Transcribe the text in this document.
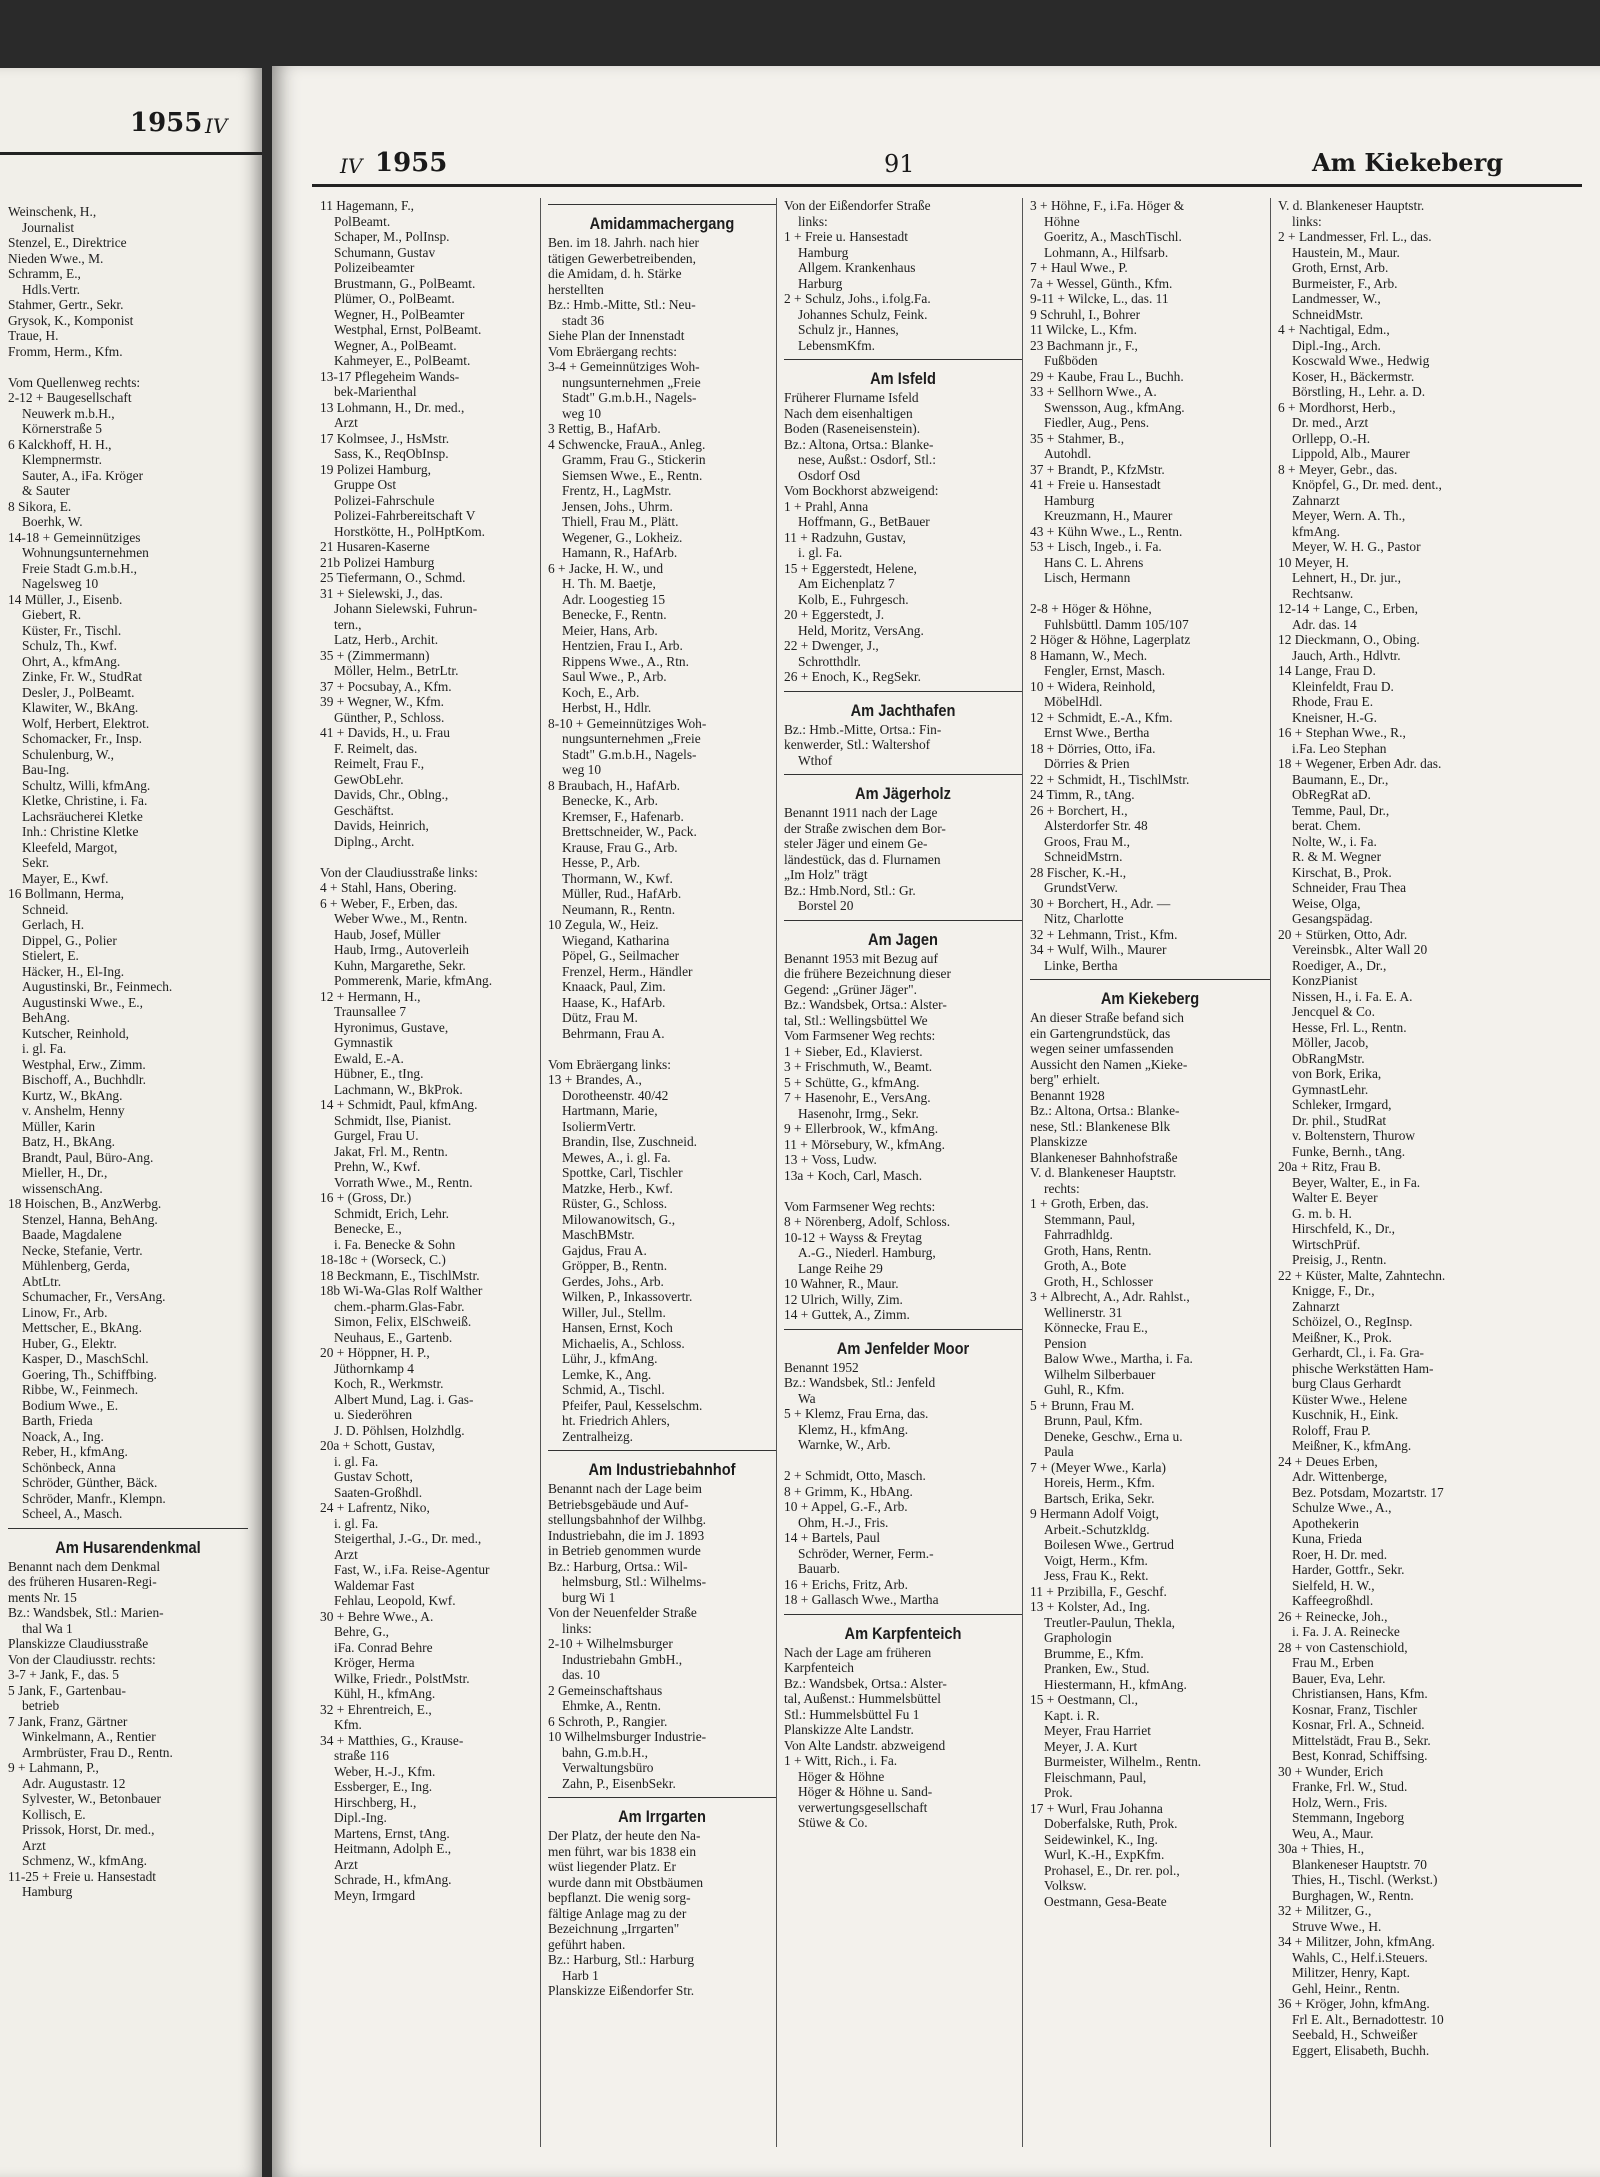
1955 IV
Weinschenk, H.,
Journalist
Stenzel, E., Direktrice
Nieden Wwe., M.
Schramm, E.,
Hdls.Vertr.
Stahmer, Gertr., Sekr.
Grysok, K., Komponist
Traue, H.
Fromm, Herm., Kfm.

Vom Quellenweg rechts:
2-12 + Baugesellschaft
Neuwerk m.b.H.,
Körnerstraße 5
6 Kalckhoff, H. H.,
Klempnermstr.
Sauter, A., iFa. Kröger
& Sauter
8 Sikora, E.
Boerhk, W.
14-18 + Gemeinnütziges
Wohnungsunternehmen
Freie Stadt G.m.b.H.,
Nagelsweg 10
14 Müller, J., Eisenb.
Giebert, R.
Küster, Fr., Tischl.
Schulz, Th., Kwf.
Ohrt, A., kfmAng.
Zinke, Fr. W., StudRat
Desler, J., PolBeamt.
Klawiter, W., BkAng.
Wolf, Herbert, Elektrot.
Schomacker, Fr., Insp.
Schulenburg, W.,
Bau-Ing.
Schultz, Willi, kfmAng.
Kletke, Christine, i. Fa.
Lachsräucherei Kletke
Inh.: Christine Kletke
Kleefeld, Margot,
Sekr.
Mayer, E., Kwf.
16 Bollmann, Herma,
Schneid.
Gerlach, H.
Dippel, G., Polier
Stielert, E.
Häcker, H., El-Ing.
Augustinski, Br., Feinmech.
Augustinski Wwe., E.,
BehAng.
Kutscher, Reinhold,
i. gl. Fa.
Westphal, Erw., Zimm.
Bischoff, A., Buchhdlr.
Kurtz, W., BkAng.
v. Anshelm, Henny
Müller, Karin
Batz, H., BkAng.
Brandt, Paul, Büro-Ang.
Mieller, H., Dr.,
wissenschAng.
18 Hoischen, B., AnzWerbg.
Stenzel, Hanna, BehAng.
Baade, Magdalene
Necke, Stefanie, Vertr.
Mühlenberg, Gerda,
AbtLtr.
Schumacher, Fr., VersAng.
Linow, Fr., Arb.
Mettscher, E., BkAng.
Huber, G., Elektr.
Kasper, D., MaschSchl.
Goering, Th., Schiffbing.
Ribbe, W., Feinmech.
Bodium Wwe., E.
Barth, Frieda
Noack, A., Ing.
Reber, H., kfmAng.
Schönbeck, Anna
Schröder, Günther, Bäck.
Schröder, Manfr., Klempn.
Scheel, A., Masch.
Am Husarendenkmal
Benannt nach dem Denkmal
des früheren Husaren-Regi-
ments Nr. 15
Bz.: Wandsbek, Stl.: Marien-
thal Wa 1
Planskizze Claudiusstraße
Von der Claudiusstr. rechts:
3-7 + Jank, F., das. 5
5 Jank, F., Gartenbau-
betrieb
7 Jank, Franz, Gärtner
Winkelmann, A., Rentier
Armbrüster, Frau D., Rentn.
9 + Lahmann, P.,
Adr. Augustastr. 12
Sylvester, W., Betonbauer
Kollisch, E.
Prissok, Horst, Dr. med.,
Arzt
Schmenz, W., kfmAng.
11-25 + Freie u. Hansestadt
Hamburg
IV 1955	91	Am Kiekeberg
11 Hagemann, F.,
PolBeamt.
Schaper, M., PolInsp.
Schumann, Gustav
Polizeibeamter
Brustmann, G., PolBeamt.
Plümer, O., PolBeamt.
Wegner, H., PolBeamter
Westphal, Ernst, PolBeamt.
Wegner, A., PolBeamt.
Kahmeyer, E., PolBeamt.
13-17 Pflegeheim Wands-
bek-Marienthal
13 Lohmann, H., Dr. med.,
Arzt
17 Kolmsee, J., HsMstr.
Sass, K., ReqObInsp.
19 Polizei Hamburg,
Gruppe Ost
Polizei-Fahrschule
Polizei-Fahrbereitschaft V
Horstkötte, H., PolHptKom.
21 Husaren-Kaserne
21b Polizei Hamburg
25 Tiefermann, O., Schmd.
31 + Sielewski, J., das.
Johann Sielewski, Fuhrun-
tern.,
Latz, Herb., Archit.
35 + (Zimmermann)
Möller, Helm., BetrLtr.
37 + Pocsubay, A., Kfm.
39 + Wegner, W., Kfm.
Günther, P., Schloss.
41 + Davids, H., u. Frau
F. Reimelt, das.
Reimelt, Frau F.,
GewObLehr.
Davids, Chr., Oblng.,
Geschäftst.
Davids, Heinrich,
Diplng., Archt.

Von der Claudiusstraße links:
4 + Stahl, Hans, Obering.
6 + Weber, F., Erben, das.
Weber Wwe., M., Rentn.
Haub, Josef, Müller
Haub, Irmg., Autoverleih
Kuhn, Margarethe, Sekr.
Pommerenk, Marie, kfmAng.
12 + Hermann, H.,
Traunsallee 7
Hyronimus, Gustave,
Gymnastik
Ewald, E.-A.
Hübner, E., tIng.
Lachmann, W., BkProk.
14 + Schmidt, Paul, kfmAng.
Schmidt, Ilse, Pianist.
Gurgel, Frau U.
Jakat, Frl. M., Rentn.
Prehn, W., Kwf.
Vorrath Wwe., M., Rentn.
16 + (Gross, Dr.)
Schmidt, Erich, Lehr.
Benecke, E.,
i. Fa. Benecke & Sohn
18-18c + (Worseck, C.)
18 Beckmann, E., TischlMstr.
18b Wi-Wa-Glas Rolf Walther
chem.-pharm.Glas-Fabr.
Simon, Felix, ElSchweiß.
Neuhaus, E., Gartenb.
20 + Höppner, H. P.,
Jüthornkamp 4
Koch, R., Werkmstr.
Albert Mund, Lag. i. Gas-
u. Siederöhren
J. D. Pöhlsen, Holzhdlg.
20a + Schott, Gustav,
i. gl. Fa.
Gustav Schott,
Saaten-Großhdl.
24 + Lafrentz, Niko,
i. gl. Fa.
Steigerthal, J.-G., Dr. med.,
Arzt
Fast, W., i.Fa. Reise-Agentur
Waldemar Fast
Fehlau, Leopold, Kwf.
30 + Behre Wwe., A.
Behre, G.,
iFa. Conrad Behre
Kröger, Herma
Wilke, Friedr., PolstMstr.
Kühl, H., kfmAng.
32 + Ehrentreich, E.,
Kfm.
34 + Matthies, G., Krause-
straße 116
Weber, H.-J., Kfm.
Essberger, E., Ing.
Hirschberg, H.,
Dipl.-Ing.
Martens, Ernst, tAng.
Heitmann, Adolph E.,
Arzt
Schrade, H., kfmAng.
Meyn, Irmgard
Amidammachergang
Ben. im 18. Jahrh. nach hier
tätigen Gewerbetreibenden,
die Amidam, d. h. Stärke
herstellten
Bz.: Hmb.-Mitte, Stl.: Neu-
stadt 36
Siehe Plan der Innenstadt
Vom Ebräergang rechts:
3-4 + Gemeinnütziges Woh-
nungsunternehmen „Freie
Stadt" G.m.b.H., Nagels-
weg 10
3 Rettig, B., HafArb.
4 Schwencke, FrauA., Anleg.
Gramm, Frau G., Stickerin
Siemsen Wwe., E., Rentn.
Frentz, H., LagMstr.
Jensen, Johs., Uhrm.
Thiell, Frau M., Plätt.
Wegener, G., Lokheiz.
Hamann, R., HafArb.
6 + Jacke, H. W., und
H. Th. M. Baetje,
Adr. Loogestieg 15
Benecke, F., Rentn.
Meier, Hans, Arb.
Hentzien, Frau I., Arb.
Rippens Wwe., A., Rtn.
Saul Wwe., P., Arb.
Koch, E., Arb.
Herbst, H., Hdlr.
8-10 + Gemeinnütziges Woh-
nungsunternehmen „Freie
Stadt" G.m.b.H., Nagels-
weg 10
8 Braubach, H., HafArb.
Benecke, K., Arb.
Kremser, F., Hafenarb.
Brettschneider, W., Pack.
Krause, Frau G., Arb.
Hesse, P., Arb.
Thormann, W., Kwf.
Müller, Rud., HafArb.
Neumann, R., Rentn.
10 Zegula, W., Heiz.
Wiegand, Katharina
Pöpel, G., Seilmacher
Frenzel, Herm., Händler
Knaack, Paul, Zim.
Haase, K., HafArb.
Dütz, Frau M.
Behrmann, Frau A.

Vom Ebräergang links:
13 + Brandes, A.,
Dorotheenstr. 40/42
Hartmann, Marie,
IsoliermVertr.
Brandin, Ilse, Zuschneid.
Mewes, A., i. gl. Fa.
Spottke, Carl, Tischler
Matzke, Herb., Kwf.
Rüster, G., Schloss.
Milowanowitsch, G.,
MaschBMstr.
Gajdus, Frau A.
Gröpper, B., Rentn.
Gerdes, Johs., Arb.
Wilken, P., Inkassovertr.
Willer, Jul., Stellm.
Hansen, Ernst, Koch
Michaelis, A., Schloss.
Lühr, J., kfmAng.
Lemke, K., Ang.
Schmid, A., Tischl.
Pfeifer, Paul, Kesselschm.
ht. Friedrich Ahlers,
Zentralheizg.
Am Industriebahnhof
Benannt nach der Lage beim
Betriebsgebäude und Auf-
stellungsbahnhof der Wilhbg.
Industriebahn, die im J. 1893
in Betrieb genommen wurde
Bz.: Harburg, Ortsa.: Wil-
helmsburg, Stl.: Wilhelms-
burg Wi 1
Von der Neuenfelder Straße
links:
2-10 + Wilhelmsburger
Industriebahn GmbH.,
das. 10
2 Gemeinschaftshaus
Ehmke, A., Rentn.
6 Schroth, P., Rangier.
10 Wilhelmsburger Industrie-
bahn, G.m.b.H.,
Verwaltungsbüro
Zahn, P., EisenbSekr.
Am Irrgarten
Der Platz, der heute den Na-
men führt, war bis 1838 ein
wüst liegender Platz. Er
wurde dann mit Obstbäumen
bepflanzt. Die wenig sorg-
fältige Anlage mag zu der
Bezeichnung „Irrgarten"
geführt haben.
Bz.: Harburg, Stl.: Harburg
Harb 1
Planskizze Eißendorfer Str.
Von der Eißendorfer Straße
links:
1 + Freie u. Hansestadt
Hamburg
Allgem. Krankenhaus
Harburg
2 + Schulz, Johs., i.folg.Fa.
Johannes Schulz, Feink.
Schulz jr., Hannes,
LebensmKfm.
Am Isfeld
Früherer Flurname Isfeld
Nach dem eisenhaltigen
Boden (Raseneisenstein).
Bz.: Altona, Ortsa.: Blanke-
nese, Außst.: Osdorf, Stl.:
Osdorf Osd
Vom Bockhorst abzweigend:
1 + Prahl, Anna
Hoffmann, G., BetBauer
11 + Radzuhn, Gustav,
i. gl. Fa.
15 + Eggerstedt, Helene,
Am Eichenplatz 7
Kolb, E., Fuhrgesch.
20 + Eggerstedt, J.
Held, Moritz, VersAng.
22 + Dwenger, J.,
Schrotthdlr.
26 + Enoch, K., RegSekr.
Am Jachthafen
Bz.: Hmb.-Mitte, Ortsa.: Fin-
kenwerder, Stl.: Waltershof
Wthof
Am Jägerholz
Benannt 1911 nach der Lage
der Straße zwischen dem Bor-
steler Jäger und einem Ge-
ländestück, das d. Flurnamen
„Im Holz" trägt
Bz.: Hmb.Nord, Stl.: Gr.
Borstel 20
Am Jagen
Benannt 1953 mit Bezug auf
die frühere Bezeichnung dieser
Gegend: „Grüner Jäger".
Bz.: Wandsbek, Ortsa.: Alster-
tal, Stl.: Wellingsbüttel We
Vom Farmsener Weg rechts:
1 + Sieber, Ed., Klavierst.
3 + Frischmuth, W., Beamt.
5 + Schütte, G., kfmAng.
7 + Hasenohr, E., VersAng.
Hasenohr, Irmg., Sekr.
9 + Ellerbrook, W., kfmAng.
11 + Mörsebury, W., kfmAng.
13 + Voss, Ludw.
13a + Koch, Carl, Masch.

Vom Farmsener Weg rechts:
8 + Nörenberg, Adolf, Schloss.
10-12 + Wayss & Freytag
A.-G., Niederl. Hamburg,
Lange Reihe 29
10 Wahner, R., Maur.
12 Ulrich, Willy, Zim.
14 + Guttek, A., Zimm.
Am Jenfelder Moor
Benannt 1952
Bz.: Wandsbek, Stl.: Jenfeld
Wa
5 + Klemz, Frau Erna, das.
Klemz, H., kfmAng.
Warnke, W., Arb.

2 + Schmidt, Otto, Masch.
8 + Grimm, K., HbAng.
10 + Appel, G.-F., Arb.
Ohm, H.-J., Fris.
14 + Bartels, Paul
Schröder, Werner, Ferm.-
Bauarb.
16 + Erichs, Fritz, Arb.
18 + Gallasch Wwe., Martha
Am Karpfenteich
Nach der Lage am früheren
Karpfenteich
Bz.: Wandsbek, Ortsa.: Alster-
tal, Außenst.: Hummelsbüttel
Stl.: Hummelsbüttel Fu 1
Planskizze Alte Landstr.
Von Alte Landstr. abzweigend
1 + Witt, Rich., i. Fa.
Höger & Höhne
Höger & Höhne u. Sand-
verwertungsgesellschaft
Stüwe & Co.
3 + Höhne, F., i.Fa. Höger &
Höhne
Goeritz, A., MaschTischl.
Lohmann, A., Hilfsarb.
7 + Haul Wwe., P.
7a + Wessel, Günth., Kfm.
9-11 + Wilcke, L., das. 11
9 Schruhl, I., Bohrer
11 Wilcke, L., Kfm.
23 Bachmann jr., F.,
Fußböden
29 + Kaube, Frau L., Buchh.
33 + Sellhorn Wwe., A.
Swensson, Aug., kfmAng.
Fiedler, Aug., Pens.
35 + Stahmer, B.,
Autohdl.
37 + Brandt, P., KfzMstr.
41 + Freie u. Hansestadt
Hamburg
Kreuzmann, H., Maurer
43 + Kühn Wwe., L., Rentn.
53 + Lisch, Ingeb., i. Fa.
Hans C. L. Ahrens
Lisch, Hermann

2-8 + Höger & Höhne,
Fuhlsbüttl. Damm 105/107
2 Höger & Höhne, Lagerplatz
8 Hamann, W., Mech.
Fengler, Ernst, Masch.
10 + Widera, Reinhold,
MöbelHdl.
12 + Schmidt, E.-A., Kfm.
Ernst Wwe., Bertha
18 + Dörries, Otto, iFa.
Dörries & Prien
22 + Schmidt, H., TischlMstr.
24 Timm, R., tAng.
26 + Borchert, H.,
Alsterdorfer Str. 48
Groos, Frau M.,
SchneidMstrn.
28 Fischer, K.-H.,
GrundstVerw.
30 + Borchert, H., Adr. —
Nitz, Charlotte
32 + Lehmann, Trist., Kfm.
34 + Wulf, Wilh., Maurer
Linke, Bertha
Am Kiekeberg
An dieser Straße befand sich
ein Gartengrundstück, das
wegen seiner umfassenden
Aussicht den Namen „Kieke-
berg" erhielt.
Benannt 1928
Bz.: Altona, Ortsa.: Blanke-
nese, Stl.: Blankenese Blk
Planskizze
Blankeneser Bahnhofstraße
V. d. Blankeneser Hauptstr.
rechts:
1 + Groth, Erben, das.
Stemmann, Paul,
Fahrradhldg.
Groth, Hans, Rentn.
Groth, A., Bote
Groth, H., Schlosser
3 + Albrecht, A., Adr. Rahlst.,
Wellinerstr. 31
Könnecke, Frau E.,
Pension
Balow Wwe., Martha, i. Fa.
Wilhelm Silberbauer
Guhl, R., Kfm.
5 + Brunn, Frau M.
Brunn, Paul, Kfm.
Deneke, Geschw., Erna u.
Paula
7 + (Meyer Wwe., Karla)
Horeis, Herm., Kfm.
Bartsch, Erika, Sekr.
9 Hermann Adolf Voigt,
Arbeit.-Schutzkldg.
Boilesen Wwe., Gertrud
Voigt, Herm., Kfm.
Jess, Frau K., Rekt.
11 + Przibilla, F., Geschf.
13 + Kolster, Ad., Ing.
Treutler-Paulun, Thekla,
Graphologin
Brumme, E., Kfm.
Pranken, Ew., Stud.
Hiestermann, H., kfmAng.
15 + Oestmann, Cl.,
Kapt. i. R.
Meyer, Frau Harriet
Meyer, J. A. Kurt
Burmeister, Wilhelm., Rentn.
Fleischmann, Paul,
Prok.
17 + Wurl, Frau Johanna
Doberfalske, Ruth, Prok.
Seidewinkel, K., Ing.
Wurl, K.-H., ExpKfm.
Prohasel, E., Dr. rer. pol.,
Volksw.
Oestmann, Gesa-Beate
V. d. Blankeneser Hauptstr.
links:
2 + Landmesser, Frl. L., das.
Haustein, M., Maur.
Groth, Ernst, Arb.
Burmeister, F., Arb.
Landmesser, W.,
SchneidMstr.
4 + Nachtigal, Edm.,
Dipl.-Ing., Arch.
Koscwald Wwe., Hedwig
Koser, H., Bäckermstr.
Börstling, H., Lehr. a. D.
6 + Mordhorst, Herb.,
Dr. med., Arzt
Orllepp, O.-H.
Lippold, Alb., Maurer
8 + Meyer, Gebr., das.
Knöpfel, G., Dr. med. dent.,
Zahnarzt
Meyer, Wern. A. Th.,
kfmAng.
Meyer, W. H. G., Pastor
10 Meyer, H.
Lehnert, H., Dr. jur.,
Rechtsanw.
12-14 + Lange, C., Erben,
Adr. das. 14
12 Dieckmann, O., Obing.
Jauch, Arth., Hdlvtr.
14 Lange, Frau D.
Kleinfeldt, Frau D.
Rhode, Frau E.
Kneisner, H.-G.
16 + Stephan Wwe., R.,
i.Fa. Leo Stephan
18 + Wegener, Erben Adr. das.
Baumann, E., Dr.,
ObRegRat aD.
Temme, Paul, Dr.,
berat. Chem.
Nolte, W., i. Fa.
R. & M. Wegner
Kirschat, B., Prok.
Schneider, Frau Thea
Weise, Olga,
Gesangspädag.
20 + Stürken, Otto, Adr.
Vereinsbk., Alter Wall 20
Roediger, A., Dr.,
KonzPianist
Nissen, H., i. Fa. E. A.
Jencquel & Co.
Hesse, Frl. L., Rentn.
Möller, Jacob,
ObRangMstr.
von Bork, Erika,
GymnastLehr.
Schleker, Irmgard,
Dr. phil., StudRat
v. Boltenstern, Thurow
Funke, Bernh., tAng.
20a + Ritz, Frau B.
Beyer, Walter, E., in Fa.
Walter E. Beyer
G. m. b. H.
Hirschfeld, K., Dr.,
WirtschPrüf.
Preisig, J., Rentn.
22 + Küster, Malte, Zahntechn.
Knigge, F., Dr.,
Zahnarzt
Schöizel, O., RegInsp.
Meißner, K., Prok.
Gerhardt, Cl., i. Fa. Gra-
phische Werkstätten Ham-
burg Claus Gerhardt
Küster Wwe., Helene
Kuschnik, H., Eink.
Roloff, Frau P.
Meißner, K., kfmAng.
24 + Deues Erben,
Adr. Wittenberge,
Bez. Potsdam, Mozartstr. 17
Schulze Wwe., A.,
Apothekerin
Kuna, Frieda
Roer, H. Dr. med.
Harder, Gottfr., Sekr.
Sielfeld, H. W.,
Kaffeegroßhdl.
26 + Reinecke, Joh.,
i. Fa. J. A. Reinecke
28 + von Castenschiold,
Frau M., Erben
Bauer, Eva, Lehr.
Christiansen, Hans, Kfm.
Kosnar, Franz, Tischler
Kosnar, Frl. A., Schneid.
Mittelstädt, Frau B., Sekr.
Best, Konrad, Schiffsing.
30 + Wunder, Erich
Franke, Frl. W., Stud.
Holz, Wern., Fris.
Stemmann, Ingeborg
Weu, A., Maur.
30a + Thies, H.,
Blankeneser Hauptstr. 70
Thies, H., Tischl. (Werkst.)
Burghagen, W., Rentn.
32 + Militzer, G.,
Struve Wwe., H.
34 + Militzer, John, kfmAng.
Wahls, C., Helf.i.Steuers.
Militzer, Henry, Kapt.
Gehl, Heinr., Rentn.
36 + Kröger, John, kfmAng.
Frl E. Alt., Bernadottestr. 10
Seebald, H., Schweißer
Eggert, Elisabeth, Buchh.
